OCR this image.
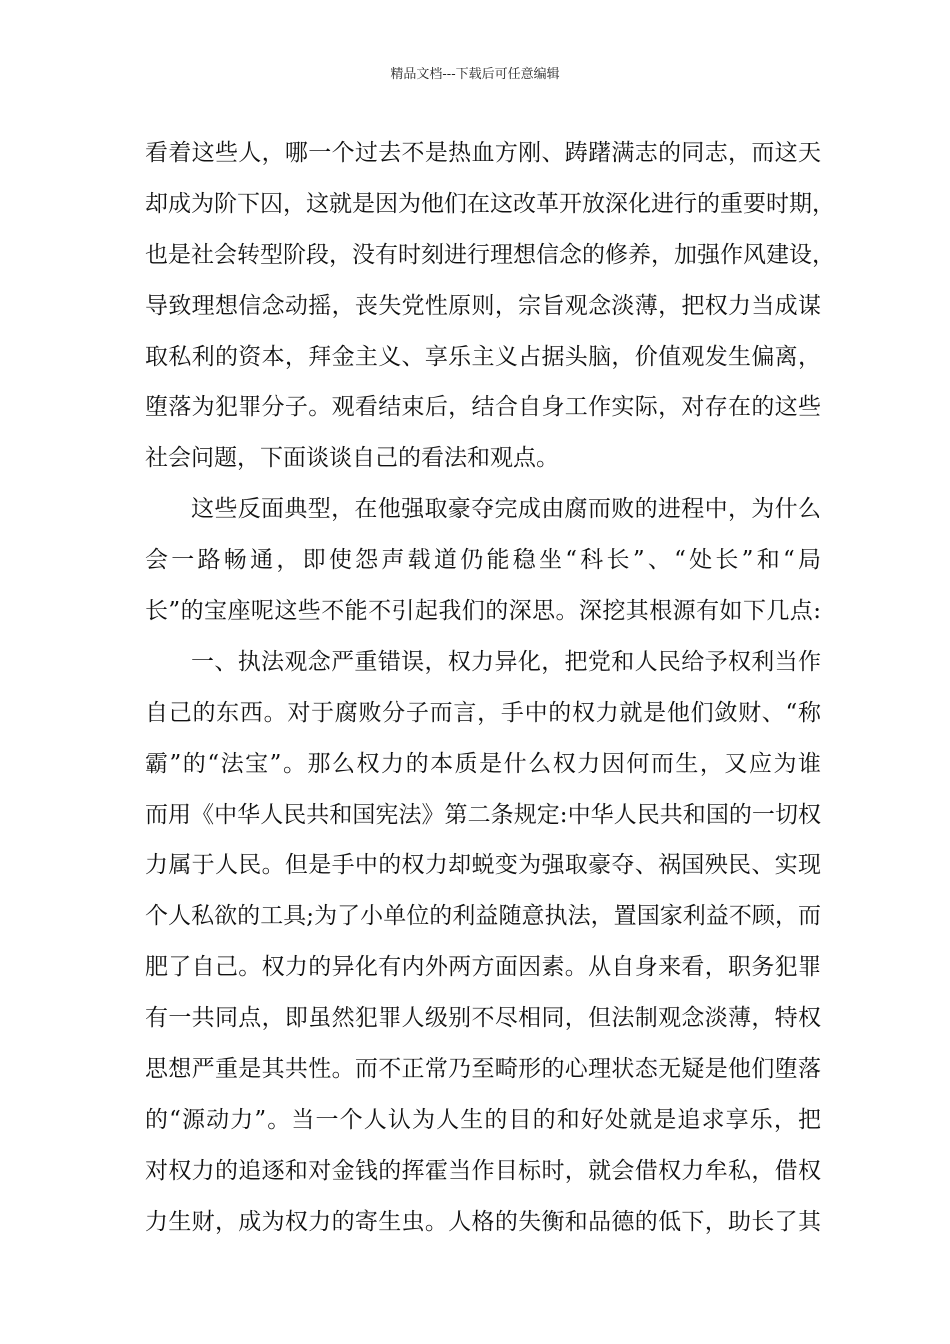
精品文档---下载后可任意编辑
看着这些人，哪一个过去不是热血方刚、踌躇满志的同志，而这天
却成为阶下囚，这就是因为他们在这改革开放深化进行的重要时期，
也是社会转型阶段，没有时刻进行理想信念的修养，加强作风建设，
导致理想信念动摇，丧失党性原则，宗旨观念淡薄，把权力当成谋
取私利的资本，拜金主义、享乐主义占据头脑，价值观发生偏离，
堕落为犯罪分子。观看结束后，结合自身工作实际，对存在的这些
社会问题，下面谈谈自己的看法和观点。
这些反面典型，在他强取豪夺完成由腐而败的进程中，为什么
会一路畅通，即使怨声载道仍能稳坐“科长”、“处长”和“局
长”的宝座呢这些不能不引起我们的深思。深挖其根源有如下几点:
一、执法观念严重错误，权力异化，把党和人民给予权利当作
自己的东西。对于腐败分子而言，手中的权力就是他们敛财、“称
霸”的“法宝”。那么权力的本质是什么权力因何而生，又应为谁
而用《中华人民共和国宪法》第二条规定:中华人民共和国的一切权
力属于人民。但是手中的权力却蜕变为强取豪夺、祸国殃民、实现
个人私欲的工具;为了小单位的利益随意执法，置国家利益不顾，而
肥了自己。权力的异化有内外两方面因素。从自身来看，职务犯罪
有一共同点，即虽然犯罪人级别不尽相同，但法制观念淡薄，特权
思想严重是其共性。而不正常乃至畸形的心理状态无疑是他们堕落
的“源动力”。当一个人认为人生的目的和好处就是追求享乐，把
对权力的追逐和对金钱的挥霍当作目标时，就会借权力牟私，借权
力生财，成为权力的寄生虫。人格的失衡和品德的低下，助长了其
